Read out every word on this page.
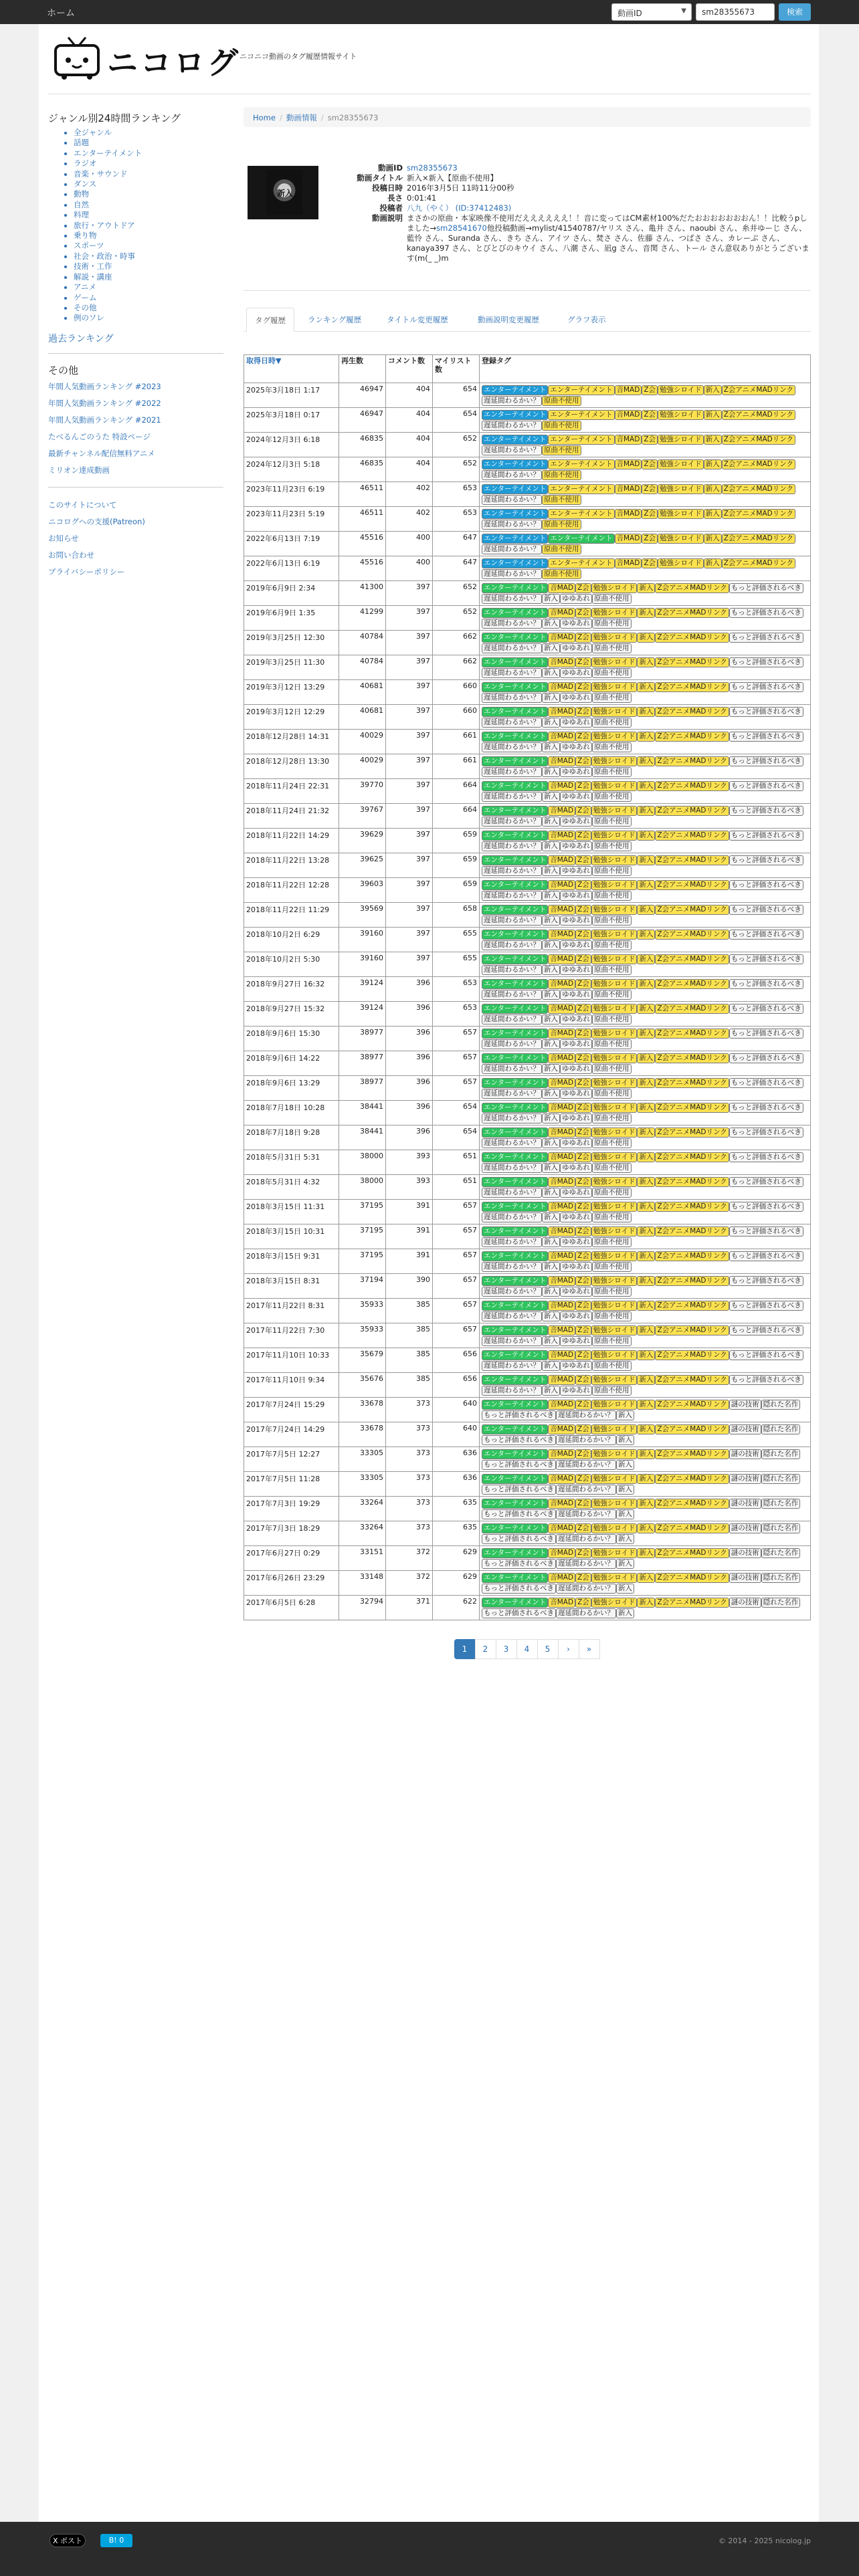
ホーム	動画ID	▼	sm28355673	検索
ニコログ
ニコニコ動画のタグ履歴情報サイト
ジャンル別24時間ランキング
• 全ジャンル
• 話題
• エンターテイメント
• ラジオ
• 音楽・サウンド
• ダンス
• 動物
• 自然
• 料理
• 旅行・アウトドア
• 乗り物
• スポーツ
• 社会・政治・時事
• 技術・工作
• 解説・講座
• アニメ
• ゲーム
• その他
• 例のソレ
過去ランキング
その他
年間人気動画ランキング #2023
年間人気動画ランキング #2022
年間人気動画ランキング #2021
たべるんごのうた 特設ページ
最新チャンネル配信無料アニメ
ミリオン達成動画
このサイトについて
ニコログへの支援(Patreon)
お知らせ
お問い合わせ
プライバシーポリシー
Home / 動画情報 / sm28355673
新入
動画ID sm28355673
動画タイトル 新入×新入【原曲不使用】
投稿日時 2016年3月5日 11時11分00秒
長さ 0:01:41
投稿者 八九（やく） (ID:37412483)
動画説明 まさかの原曲・本家映像不使用だええええええ！！音に変ってはCM素材100%だたおおおおおおおん！！比較うpしました→sm28541670他投稿動画→mylist/41540787/ヤリス さん、亀井 さん、naoubi さん、糸井ゆーじ さん、藍怜 さん、Suranda さん、きち さん、アイツ さん、焚さ さん、佐藤 さん、つばさ さん、カレーぶ さん、kanaya397 さん、とびとびのキウイ さん、八潮 さん、凪g さん、音関 さん、トール さん意収ありがとうございます(m(_ _)m
タグ履歴	ランキング履歴	タイトル変更履歴	動画説明変更履歴	グラフ表示
取得日時▼	再生数	コメント数	マイリスト数	登録タグ
2025年3月18日 1:17	46947	404	654	エンターテイメント エンターテイメント 音MAD Z会 勉強シロイド 新入 Z会アニメMADリンク遅延間わるかい？ 原曲不使用
2025年3月18日 0:17	46947	404	654	エンターテイメント エンターテイメント 音MAD Z会 勉強シロイド 新入 Z会アニメMADリンク遅延間わるかい？ 原曲不使用
2024年12月3日 6:18	46835	404	652	エンターテイメント エンターテイメント 音MAD Z会 勉強シロイド 新入 Z会アニメMADリンク遅延間わるかい？ 原曲不使用
2024年12月3日 5:18	46835	404	652	エンターテイメント エンターテイメント 音MAD Z会 勉強シロイド 新入 Z会アニメMADリンク遅延間わるかい？ 原曲不使用
2023年11月23日 6:19	46511	402	653	エンターテイメント エンターテイメント 音MAD Z会 勉強シロイド 新入 Z会アニメMADリンク遅延間わるかい？ 原曲不使用
2023年11月23日 5:19	46511	402	653	エンターテイメント エンターテイメント 音MAD Z会 勉強シロイド 新入 Z会アニメMADリンク遅延間わるかい？ 原曲不使用
2022年6月13日 7:19	45516	400	647	エンターテイメント エンターテイメント 音MAD Z会 勉強シロイド 新入 Z会アニメMADリンク遅延間わるかい？ 原曲不使用
2022年6月13日 6:19	45516	400	647	エンターテイメント エンターテイメント 音MAD Z会 勉強シロイド 新入 Z会アニメMADリンク遅延間わるかい？ 原曲不使用
2019年6月9日 2:34	41300	397	652	エンターテイメント 音MAD Z会 勉強シロイド 新入 Z会アニメMADリンク もっと評価されるべき遅延間わるかい？ 新入 ゆゆあれ 原曲不使用
2019年6月9日 1:35	41299	397	652	エンターテイメント 音MAD Z会 勉強シロイド 新入 Z会アニメMADリンク もっと評価されるべき遅延間わるかい？ 新入 ゆゆあれ 原曲不使用
2019年3月25日 12:30	40784	397	662	エンターテイメント 音MAD Z会 勉強シロイド 新入 Z会アニメMADリンク もっと評価されるべき遅延間わるかい？ 新入 ゆゆあれ 原曲不使用
2019年3月25日 11:30	40784	397	662	エンターテイメント 音MAD Z会 勉強シロイド 新入 Z会アニメMADリンク もっと評価されるべき遅延間わるかい？ 新入 ゆゆあれ 原曲不使用
2019年3月12日 13:29	40681	397	660	エンターテイメント 音MAD Z会 勉強シロイド 新入 Z会アニメMADリンク もっと評価されるべき遅延間わるかい？ 新入 ゆゆあれ 原曲不使用
2019年3月12日 12:29	40681	397	660	エンターテイメント 音MAD Z会 勉強シロイド 新入 Z会アニメMADリンク もっと評価されるべき遅延間わるかい？ 新入 ゆゆあれ 原曲不使用
2018年12月28日 14:31	40029	397	661	エンターテイメント 音MAD Z会 勉強シロイド 新入 Z会アニメMADリンク もっと評価されるべき遅延間わるかい？ 新入 ゆゆあれ 原曲不使用
2018年12月28日 13:30	40029	397	661	エンターテイメント 音MAD Z会 勉強シロイド 新入 Z会アニメMADリンク もっと評価されるべき遅延間わるかい？ 新入 ゆゆあれ 原曲不使用
2018年11月24日 22:31	39770	397	664	エンターテイメント 音MAD Z会 勉強シロイド 新入 Z会アニメMADリンク もっと評価されるべき遅延間わるかい？ 新入 ゆゆあれ 原曲不使用
2018年11月24日 21:32	39767	397	664	エンターテイメント 音MAD Z会 勉強シロイド 新入 Z会アニメMADリンク もっと評価されるべき遅延間わるかい？ 新入 ゆゆあれ 原曲不使用
2018年11月22日 14:29	39629	397	659	エンターテイメント 音MAD Z会 勉強シロイド 新入 Z会アニメMADリンク もっと評価されるべき遅延間わるかい？ 新入 ゆゆあれ 原曲不使用
2018年11月22日 13:28	39625	397	659	エンターテイメント 音MAD Z会 勉強シロイド 新入 Z会アニメMADリンク もっと評価されるべき遅延間わるかい？ 新入 ゆゆあれ 原曲不使用
2018年11月22日 12:28	39603	397	659	エンターテイメント 音MAD Z会 勉強シロイド 新入 Z会アニメMADリンク もっと評価されるべき遅延間わるかい？ 新入 ゆゆあれ 原曲不使用
2018年11月22日 11:29	39569	397	658	エンターテイメント 音MAD Z会 勉強シロイド 新入 Z会アニメMADリンク もっと評価されるべき遅延間わるかい？ 新入 ゆゆあれ 原曲不使用
2018年10月2日 6:29	39160	397	655	エンターテイメント 音MAD Z会 勉強シロイド 新入 Z会アニメMADリンク もっと評価されるべき遅延間わるかい？ 新入 ゆゆあれ 原曲不使用
2018年10月2日 5:30	39160	397	655	エンターテイメント 音MAD Z会 勉強シロイド 新入 Z会アニメMADリンク もっと評価されるべき遅延間わるかい？ 新入 ゆゆあれ 原曲不使用
2018年9月27日 16:32	39124	396	653	エンターテイメント 音MAD Z会 勉強シロイド 新入 Z会アニメMADリンク もっと評価されるべき遅延間わるかい？ 新入 ゆゆあれ 原曲不使用
2018年9月27日 15:32	39124	396	653	エンターテイメント 音MAD Z会 勉強シロイド 新入 Z会アニメMADリンク もっと評価されるべき遅延間わるかい？ 新入 ゆゆあれ 原曲不使用
2018年9月6日 15:30	38977	396	657	エンターテイメント 音MAD Z会 勉強シロイド 新入 Z会アニメMADリンク もっと評価されるべき遅延間わるかい？ 新入 ゆゆあれ 原曲不使用
2018年9月6日 14:22	38977	396	657	エンターテイメント 音MAD Z会 勉強シロイド 新入 Z会アニメMADリンク もっと評価されるべき遅延間わるかい？ 新入 ゆゆあれ 原曲不使用
2018年9月6日 13:29	38977	396	657	エンターテイメント 音MAD Z会 勉強シロイド 新入 Z会アニメMADリンク もっと評価されるべき遅延間わるかい？ 新入 ゆゆあれ 原曲不使用
2018年7月18日 10:28	38441	396	654	エンターテイメント 音MAD Z会 勉強シロイド 新入 Z会アニメMADリンク もっと評価されるべき遅延間わるかい？ 新入 ゆゆあれ 原曲不使用
2018年7月18日 9:28	38441	396	654	エンターテイメント 音MAD Z会 勉強シロイド 新入 Z会アニメMADリンク もっと評価されるべき遅延間わるかい？ 新入 ゆゆあれ 原曲不使用
2018年5月31日 5:31	38000	393	651	エンターテイメント 音MAD Z会 勉強シロイド 新入 Z会アニメMADリンク もっと評価されるべき遅延間わるかい？ 新入 ゆゆあれ 原曲不使用
2018年5月31日 4:32	38000	393	651	エンターテイメント 音MAD Z会 勉強シロイド 新入 Z会アニメMADリンク もっと評価されるべき遅延間わるかい？ 新入 ゆゆあれ 原曲不使用
2018年3月15日 11:31	37195	391	657	エンターテイメント 音MAD Z会 勉強シロイド 新入 Z会アニメMADリンク もっと評価されるべき遅延間わるかい？ 新入 ゆゆあれ 原曲不使用
2018年3月15日 10:31	37195	391	657	エンターテイメント 音MAD Z会 勉強シロイド 新入 Z会アニメMADリンク もっと評価されるべき遅延間わるかい？ 新入 ゆゆあれ 原曲不使用
2018年3月15日 9:31	37195	391	657	エンターテイメント 音MAD Z会 勉強シロイド 新入 Z会アニメMADリンク もっと評価されるべき遅延間わるかい？ 新入 ゆゆあれ 原曲不使用
2018年3月15日 8:31	37194	390	657	エンターテイメント 音MAD Z会 勉強シロイド 新入 Z会アニメMADリンク もっと評価されるべき遅延間わるかい？ 新入 ゆゆあれ 原曲不使用
2017年11月22日 8:31	35933	385	657	エンターテイメント 音MAD Z会 勉強シロイド 新入 Z会アニメMADリンク もっと評価されるべき遅延間わるかい？ 新入 ゆゆあれ 原曲不使用
2017年11月22日 7:30	35933	385	657	エンターテイメント 音MAD Z会 勉強シロイド 新入 Z会アニメMADリンク もっと評価されるべき遅延間わるかい？ 新入 ゆゆあれ 原曲不使用
2017年11月10日 10:33	35679	385	656	エンターテイメント 音MAD Z会 勉強シロイド 新入 Z会アニメMADリンク もっと評価されるべき遅延間わるかい？ 新入 ゆゆあれ 原曲不使用
2017年11月10日 9:34	35676	385	656	エンターテイメント 音MAD Z会 勉強シロイド 新入 Z会アニメMADリンク もっと評価されるべき遅延間わるかい？ 新入 ゆゆあれ 原曲不使用
2017年7月24日 15:29	33678	373	640	エンターテイメント 音MAD Z会 勉強シロイド 新入 Z会アニメMADリンク 謎の技術 隠れた名作もっと評価されるべき 遅延間わるかい？ 新入
2017年7月24日 14:29	33678	373	640	エンターテイメント 音MAD Z会 勉強シロイド 新入 Z会アニメMADリンク 謎の技術 隠れた名作もっと評価されるべき 遅延間わるかい？ 新入
2017年7月5日 12:27	33305	373	636	エンターテイメント 音MAD Z会 勉強シロイド 新入 Z会アニメMADリンク 謎の技術 隠れた名作もっと評価されるべき 遅延間わるかい？ 新入
2017年7月5日 11:28	33305	373	636	エンターテイメント 音MAD Z会 勉強シロイド 新入 Z会アニメMADリンク 謎の技術 隠れた名作もっと評価されるべき 遅延間わるかい？ 新入
2017年7月3日 19:29	33264	373	635	エンターテイメント 音MAD Z会 勉強シロイド 新入 Z会アニメMADリンク 謎の技術 隠れた名作もっと評価されるべき 遅延間わるかい？ 新入
2017年7月3日 18:29	33264	373	635	エンターテイメント 音MAD Z会 勉強シロイド 新入 Z会アニメMADリンク 謎の技術 隠れた名作もっと評価されるべき 遅延間わるかい？ 新入
2017年6月27日 0:29	33151	372	629	エンターテイメント 音MAD Z会 勉強シロイド 新入 Z会アニメMADリンク 謎の技術 隠れた名作もっと評価されるべき 遅延間わるかい？ 新入
2017年6月26日 23:29	33148	372	629	エンターテイメント 音MAD Z会 勉強シロイド 新入 Z会アニメMADリンク 謎の技術 隠れた名作もっと評価されるべき 遅延間わるかい？ 新入
2017年6月5日 6:28	32794	371	622	エンターテイメント 音MAD Z会 勉強シロイド 新入 Z会アニメMADリンク 謎の技術 隠れた名作もっと評価されるべき 遅延間わるかい？ 新入
1 2 3 4 5 › »
X ポスト	B! 0	© 2014 - 2025 nicolog.jp
